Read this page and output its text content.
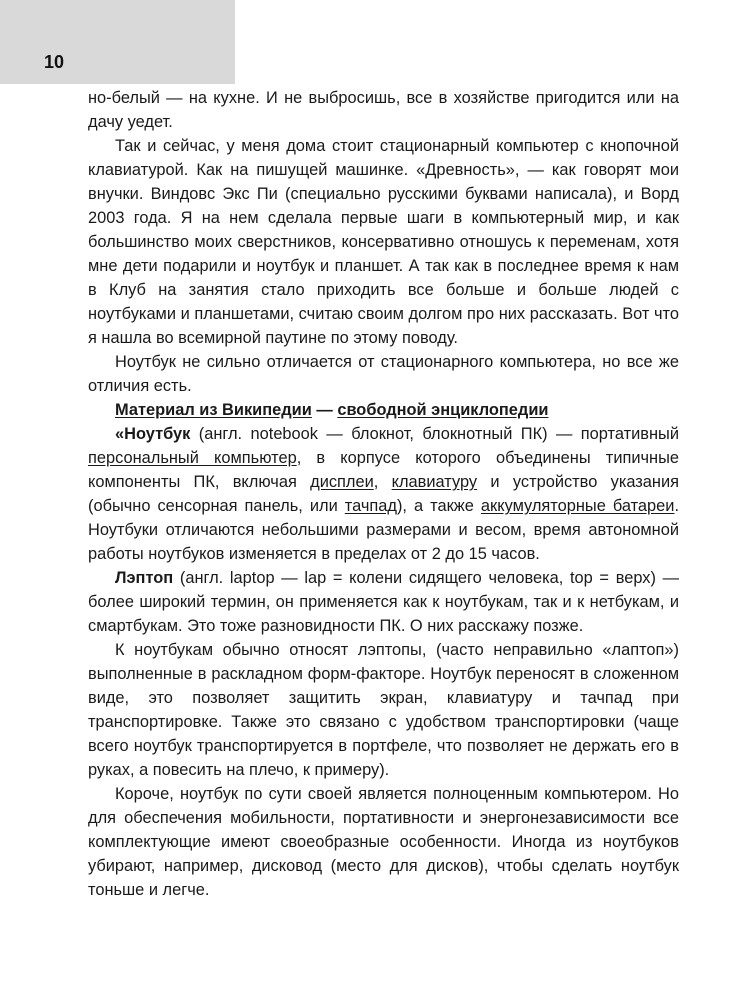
10

но-белый — на кухне. И не выбросишь, все в хозяйстве пригодится или на дачу уедет.

Так и сейчас, у меня дома стоит стационарный компьютер с кнопочной клавиатурой. Как на пишущей машинке. «Древность», — как говорят мои внучки. Виндовс Экс Пи (специально русскими буквами написала), и Ворд 2003 года. Я на нем сделала первые шаги в компьютерный мир, и как большинство моих сверстников, консервативно отношусь к переменам, хотя мне дети подарили и ноутбук и планшет. А так как в последнее время к нам в Клуб на занятия стало приходить все больше и больше людей с ноутбуками и планшетами, считаю своим долгом про них рассказать. Вот что я нашла во всемирной паутине по этому поводу.

Ноутбук не сильно отличается от стационарного компьютера, но все же отличия есть.

Материал из Википедии — свободной энциклопедии

«Ноутбук (англ. notebook — блокнот, блокнотный ПК) — портативный персональный компьютер, в корпусе которого объединены типичные компоненты ПК, включая дисплеи, клавиатуру и устройство указания (обычно сенсорная панель, или тачпад), а также аккумуляторные батареи. Ноутбуки отличаются небольшими размерами и весом, время автономной работы ноутбуков изменяется в пределах от 2 до 15 часов.

Лэптоп (англ. laptop — lap = колени сидящего человека, top = верх) — более широкий термин, он применяется как к ноутбукам, так и к нетбукам, и смартбукам. Это тоже разновидности ПК. О них расскажу позже.

К ноутбукам обычно относят лэптопы, (часто неправильно «лаптоп») выполненные в раскладном форм-факторе. Ноутбук переносят в сложенном виде, это позволяет защитить экран, клавиатуру и тачпад при транспортировке. Также это связано с удобством транспортировки (чаще всего ноутбук транспортируется в портфеле, что позволяет не держать его в руках, а повесить на плечо, к примеру).

Короче, ноутбук по сути своей является полноценным компьютером. Но для обеспечения мобильности, портативности и энергонезависимости все комплектующие имеют своеобразные особенности. Иногда из ноутбуков убирают, например, дисковод (место для дисков), чтобы сделать ноутбук тоньше и легче.
